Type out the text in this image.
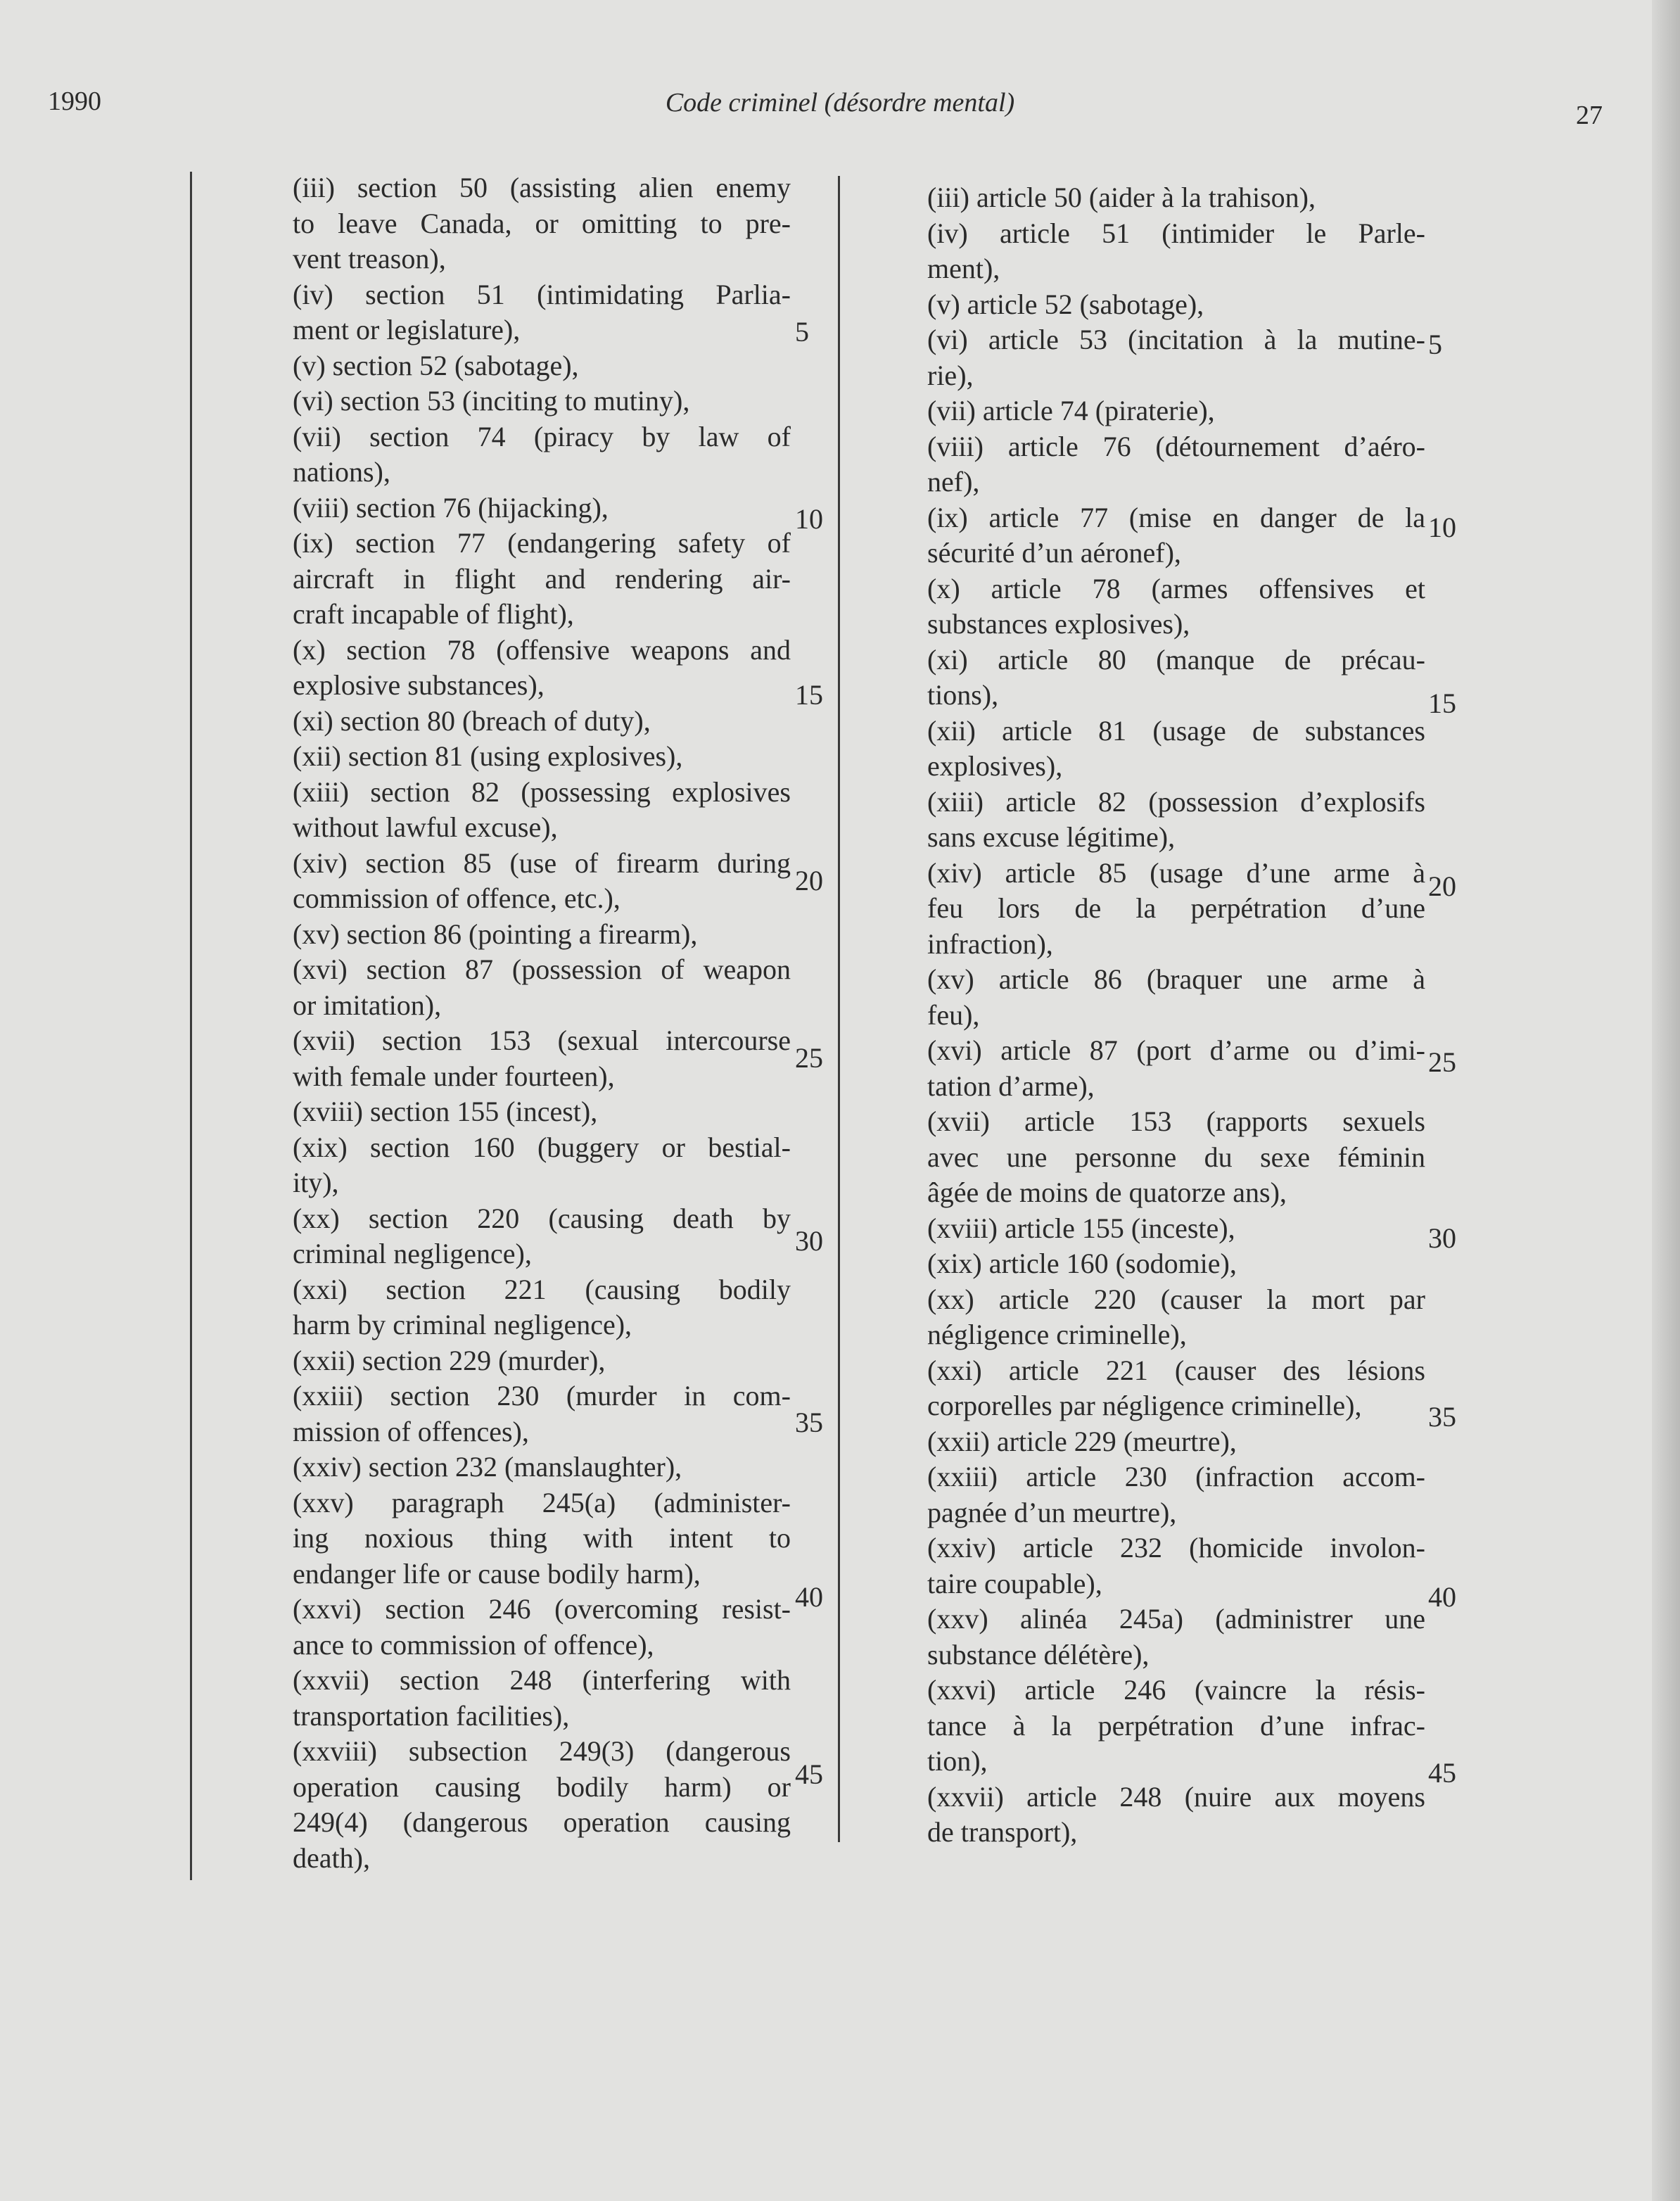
1990	Code criminel (désordre mental)	27
(iii) section 50 (assisting alien enemy
to leave Canada, or omitting to pre-
vent treason),
(iv) section 51 (intimidating Parlia-
ment or legislature),
(v) section 52 (sabotage),
(vi) section 53 (inciting to mutiny),
(vii) section 74 (piracy by law of
nations),
(viii) section 76 (hijacking),
(ix) section 77 (endangering safety of
aircraft in flight and rendering air-
craft incapable of flight),
(x) section 78 (offensive weapons and
explosive substances),
(xi) section 80 (breach of duty),
(xii) section 81 (using explosives),
(xiii) section 82 (possessing explosives
without lawful excuse),
(xiv) section 85 (use of firearm during
commission of offence, etc.),
(xv) section 86 (pointing a firearm),
(xvi) section 87 (possession of weapon
or imitation),
(xvii) section 153 (sexual intercourse
with female under fourteen),
(xviii) section 155 (incest),
(xix) section 160 (buggery or bestial-
ity),
(xx) section 220 (causing death by
criminal negligence),
(xxi) section 221 (causing bodily
harm by criminal negligence),
(xxii) section 229 (murder),
(xxiii) section 230 (murder in com-
mission of offences),
(xxiv) section 232 (manslaughter),
(xxv) paragraph 245(a) (administer-
ing noxious thing with intent to
endanger life or cause bodily harm),
(xxvi) section 246 (overcoming resist-
ance to commission of offence),
(xxvii) section 248 (interfering with
transportation facilities),
(xxviii) subsection 249(3) (dangerous
operation causing bodily harm) or
249(4) (dangerous operation causing
death),
(iii) article 50 (aider à la trahison),
(iv) article 51 (intimider le Parle-
ment),
(v) article 52 (sabotage),
(vi) article 53 (incitation à la mutine-
rie),
(vii) article 74 (piraterie),
(viii) article 76 (détournement d’aéro-
nef),
(ix) article 77 (mise en danger de la
sécurité d’un aéronef),
(x) article 78 (armes offensives et
substances explosives),
(xi) article 80 (manque de précau-
tions),
(xii) article 81 (usage de substances
explosives),
(xiii) article 82 (possession d’explosifs
sans excuse légitime),
(xiv) article 85 (usage d’une arme à
feu lors de la perpétration d’une
infraction),
(xv) article 86 (braquer une arme à
feu),
(xvi) article 87 (port d’arme ou d’imi-
tation d’arme),
(xvii) article 153 (rapports sexuels
avec une personne du sexe féminin
âgée de moins de quatorze ans),
(xviii) article 155 (inceste),
(xix) article 160 (sodomie),
(xx) article 220 (causer la mort par
négligence criminelle),
(xxi) article 221 (causer des lésions
corporelles par négligence criminelle),
(xxii) article 229 (meurtre),
(xxiii) article 230 (infraction accom-
pagnée d’un meurtre),
(xxiv) article 232 (homicide involon-
taire coupable),
(xxv) alinéa 245a) (administrer une
substance délétère),
(xxvi) article 246 (vaincre la résis-
tance à la perpétration d’une infrac-
tion),
(xxvii) article 248 (nuire aux moyens
de transport),
5
10
15
20
25
30
35
40
45
5
10
15
20
25
30
35
40
45
